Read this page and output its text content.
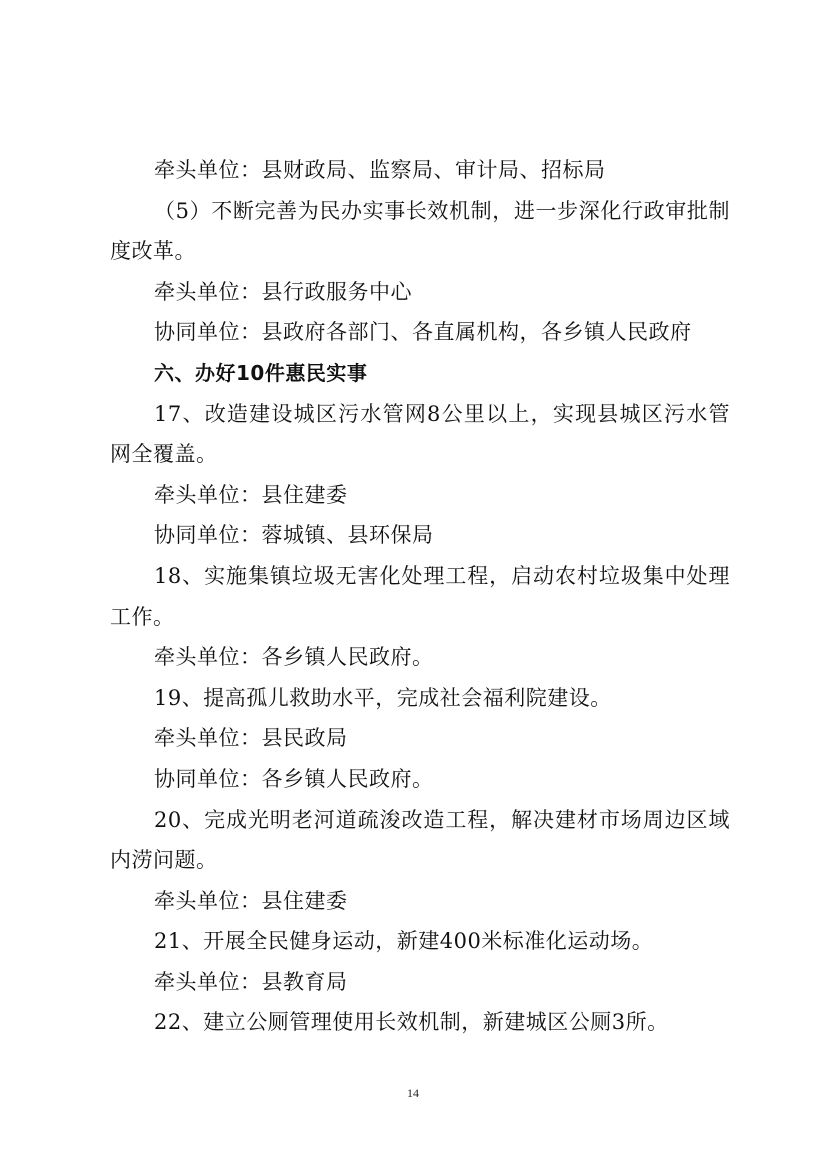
牵头单位：县财政局、监察局、审计局、招标局
（5）不断完善为民办实事长效机制，进一步深化行政审批制
度改革。
牵头单位：县行政服务中心
协同单位：县政府各部门、各直属机构，各乡镇人民政府
六、办好10件惠民实事
17、改造建设城区污水管网8公里以上，实现县城区污水管
网全覆盖。
牵头单位：县住建委
协同单位：蓉城镇、县环保局
18、实施集镇垃圾无害化处理工程，启动农村垃圾集中处理
工作。
牵头单位：各乡镇人民政府。
19、提高孤儿救助水平，完成社会福利院建设。
牵头单位：县民政局
协同单位：各乡镇人民政府。
20、完成光明老河道疏浚改造工程，解决建材市场周边区域
内涝问题。
牵头单位：县住建委
21、开展全民健身运动，新建400米标准化运动场。
牵头单位：县教育局
22、建立公厕管理使用长效机制，新建城区公厕3所。
14
